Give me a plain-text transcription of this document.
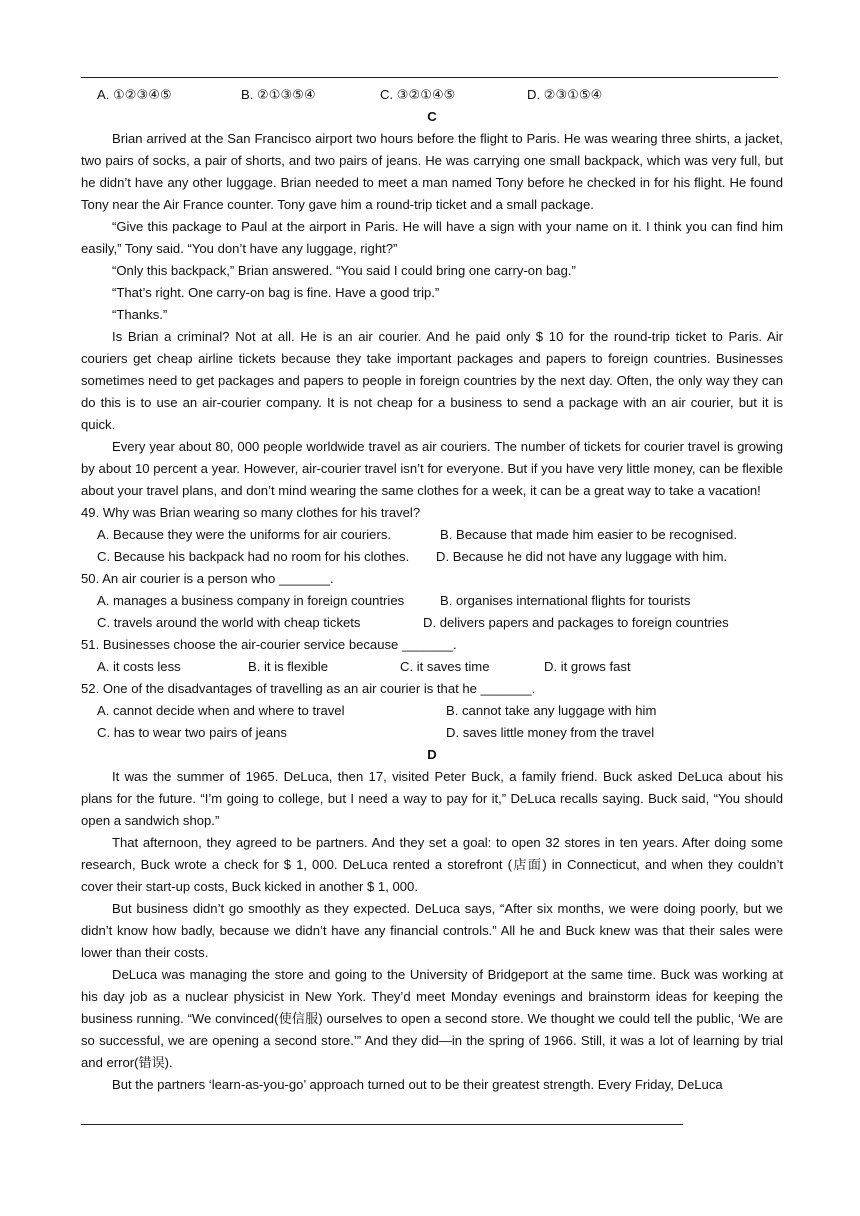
A. ①②③④⑤	B. ②①③⑤④	C. ③②①④⑤	D. ②③①⑤④
C

Brian arrived at the San Francisco airport two hours before the flight to Paris. He was wearing three shirts, a jacket, two pairs of socks, a pair of shorts, and two pairs of jeans. He was carrying one small backpack, which was very full, but he didn’t have any other luggage. Brian needed to meet a man named Tony before he checked in for his flight. He found Tony near the Air France counter. Tony gave him a round-trip ticket and a small package.

“Give this package to Paul at the airport in Paris. He will have a sign with your name on it. I think you can find him easily,” Tony said. “You don’t have any luggage, right?”

“Only this backpack,” Brian answered. “You said I could bring one carry-on bag.”

“That’s right. One carry-on bag is fine. Have a good trip.”

“Thanks.”

Is Brian a criminal? Not at all. He is an air courier. And he paid only $ 10 for the round-trip ticket to Paris. Air couriers get cheap airline tickets because they take important packages and papers to foreign countries. Businesses sometimes need to get packages and papers to people in foreign countries by the next day. Often, the only way they can do this is to use an air-courier company. It is not cheap for a business to send a package with an air courier, but it is quick.

Every year about 80, 000 people worldwide travel as air couriers. The number of tickets for courier travel is growing by about 10 percent a year. However, air-courier travel isn’t for everyone. But if you have very little money, can be flexible about your travel plans, and don’t mind wearing the same clothes for a week, it can be a great way to take a vacation!

49. Why was Brian wearing so many clothes for his travel?

A. Because they were the uniforms for air couriers.	B. Because that made him easier to be recognised.
C. Because his backpack had no room for his clothes. D. Because he did not have any luggage with him.

50. An air courier is a person who _______.

A. manages a business company in foreign countries	B. organises international flights for tourists
C. travels around the world with cheap tickets	D. delivers papers and packages to foreign countries

51. Businesses choose the air-courier service because _______.

A. it costs less	B. it is flexible	C. it saves time	D. it grows fast

52. One of the disadvantages of travelling as an air courier is that he _______.

A. cannot decide when and where to travel	B. cannot take any luggage with him
C. has to wear two pairs of jeans	D. saves little money from the travel
D

It was the summer of 1965. DeLuca, then 17, visited Peter Buck, a family friend. Buck asked DeLuca about his plans for the future. “I’m going to college, but I need a way to pay for it,” DeLuca recalls saying. Buck said, “You should open a sandwich shop.”

That afternoon, they agreed to be partners. And they set a goal: to open 32 stores in ten years. After doing some research, Buck wrote a check for $ 1, 000. DeLuca rented a storefront (店面) in Connecticut, and when they couldn’t cover their start-up costs, Buck kicked in another $ 1, 000.

But business didn’t go smoothly as they expected. DeLuca says, “After six months, we were doing poorly, but we didn’t know how badly, because we didn’t have any financial controls.” All he and Buck knew was that their sales were lower than their costs.

DeLuca was managing the store and going to the University of Bridgeport at the same time. Buck was working at his day job as a nuclear physicist in New York. They’d meet Monday evenings and brainstorm ideas for keeping the business running. “We convinced(使信服) ourselves to open a second store. We thought we could tell the public, ‘We are so successful, we are opening a second store.’” And they did—in the spring of 1966. Still, it was a lot of learning by trial and error(错误).

But the partners ‘learn-as-you-go’ approach turned out to be their greatest strength. Every Friday, DeLuca
